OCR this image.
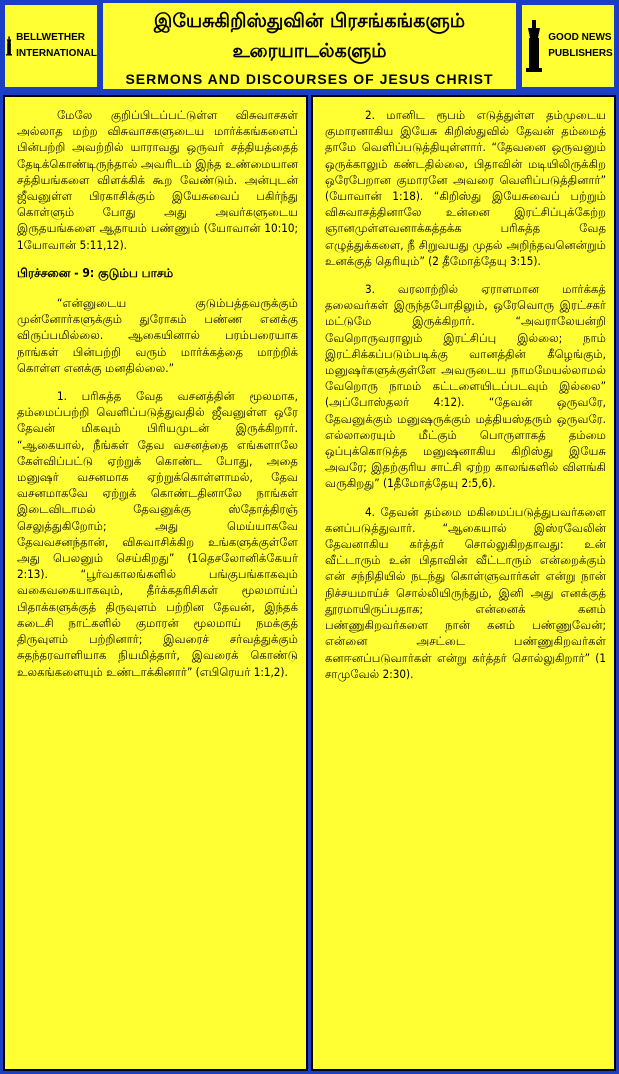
BELLWETHER
INTERNATIONAL
இயேசுகிறிஸ்துவின் பிரசங்கங்களும்
உரையாடல்களும்
SERMONS AND DISCOURSES OF JESUS CHRIST
GOOD NEWS
PUBLISHERS

மேலே குறிப்பிடப்பட்டுள்ள விசுவாசகள் அல்லாத மற்ற விசுவாசகளுடைய மார்க்கங்களைப் பின்பற்றி அவற்றில் யாராவது ஒருவர் சத்தியத்தைத் தேடிக்கொண்டிருந்தால் அவரிடம் இந்த உண்மையான சத்தியங்களை விளக்கிக் கூற வேண்டும். அன்புடன் ஜீவனுள்ள பிரகாசிக்கும் இயேசுவைப் பகிர்ந்து கொள்ளும் போது அது அவர்களுடைய இருதயங்களை ஆதாயம் பண்ணும் (யோவான் 10:10; 1யோவான் 5:11,12).

பிரச்சனை - 9: குடும்ப பாசம்

“என்னுடைய குடும்பத்தவருக்கும் முன்னோர்களுக்கும் துரோகம் பண்ண எனக்கு விருப்பமில்லை. ஆகையினால் பரம்பரையாக நாங்கள் பின்பற்றி வரும் மார்க்கத்தை மாற்றிக் கொள்ள எனக்கு மனதில்லை.”

1. பரிசுத்த வேத வசனத்தின் மூலமாக, தம்மைப்பற்றி வெளிப்படுத்துவதில் ஜீவனுள்ள ஒரே தேவன் மிகவும் பிரியமுடன் இருக்கிறார். “ஆகையால், நீங்கள் தேவ வசனத்தை எங்களாலே கேள்விப்பட்டு ஏற்றுக் கொண்ட போது, அதை மனுஷர் வசனமாக ஏற்றுக்கொள்ளாமல், தேவ வசனமாகவே ஏற்றுக் கொண்டதினாலே நாங்கள் இடைவிடாமல் தேவனுக்கு ஸ்தோத்திரஞ் செலுத்துகிறோம்; அது மெய்யாகவே தேவவசனந்தான், விசுவாசிக்கிற உங்களுக்குள்ளே அது பெலனும் செய்கிறது” (1தெசலோனிக்கேயர் 2:13). “பூர்வகாலங்களில் பங்குபங்காகவும் வகைவகையாகவும், தீர்க்கதரிசிகள் மூலமாய்ப் பிதாக்களுக்குத் திருவுளம் பற்றின தேவன், இந்தக் கடைசி நாட்களில் குமாரன் மூலமாய் நமக்குத் திருவுளம் பற்றினார்; இவரைச் சர்வத்துக்கும் சுதந்தரவாளியாக நியமித்தார், இவரைக் கொண்டு உலகங்களையும் உண்டாக்கினார்” (எபிரெயர் 1:1,2).

2. மானிட ரூபம் எடுத்துள்ள தம்முடைய குமாரனாகிய இயேசு கிறிஸ்துவில் தேவன் தம்மைத் தாமே வெளிப்படுத்தியுள்ளார். “தேவனை ஒருவனும் ஒருக்காலும் கண்டதில்லை, பிதாவின் மடியிலிருக்கிற ஒரேபேறான குமாரனே அவரை வெளிப்படுத்தினார்” (யோவான் 1:18). “கிறிஸ்து இயேசுவைப் பற்றும் விசுவாசத்தினாலே உன்னை இரட்சிப்புக்கேற்ற ஞானமுள்ளவனாக்கத்தக்க பரிசுத்த வேத எழுத்துக்களை, நீ சிறுவயது முதல் அறிந்தவனென்றும் உனக்குத் தெரியும்” (2 தீமோத்தேயு 3:15).

3. வரலாற்றில் ஏராளமான மார்க்கத் தலைவர்கள் இருந்தபோதிலும், ஒரேவொரு இரட்சகர் மட்டுமே இருக்கிறார். “அவராலேயன்றி வேறொருவராலும் இரட்சிப்பு இல்லை; நாம் இரட்சிக்கப்படும்படிக்கு வானத்தின் கீழெங்கும், மனுஷர்களுக்குள்ளே அவருடைய நாமமேயல்லாமல் வேறொரு நாமம் கட்டளையிடப்படவும் இல்லை” (அப்போஸ்தலர் 4:12). “தேவன் ஒருவரே, தேவனுக்கும் மனுஷருக்கும் மத்தியஸ்தரும் ஒருவரே. எல்லாரையும் மீட்கும் பொருளாகத் தம்மை ஒப்புக்கொடுத்த மனுஷனாகிய கிறிஸ்து இயேசு அவரே; இதற்குரிய சாட்சி ஏற்ற காலங்களில் விளங்கி வருகிறது” (1தீமோத்தேயு 2:5,6).

4. தேவன் தம்மை மகிமைப்படுத்துபவர்களை கனப்படுத்துவார். “ஆகையால் இஸ்ரவேலின் தேவனாகிய கர்த்தர் சொல்லுகிறதாவது: உன் வீட்டாரும் உன் பிதாவின் வீட்டாரும் என்றைக்கும் என் சந்நிதியில் நடந்து கொள்ளுவார்கள் என்று நான் நிச்சயமாய்ச் சொல்லியிருந்தும், இனி அது எனக்குத் தூரமாயிருப்பதாக; என்னைக் கனம் பண்ணுகிறவர்களை நான் கனம் பண்ணுவேன்; என்னை அசட்டை பண்ணுகிறவர்கள் கனஈனப்படுவார்கள் என்று கர்த்தர் சொல்லுகிறார்” (1 சாமுவேல் 2:30).
